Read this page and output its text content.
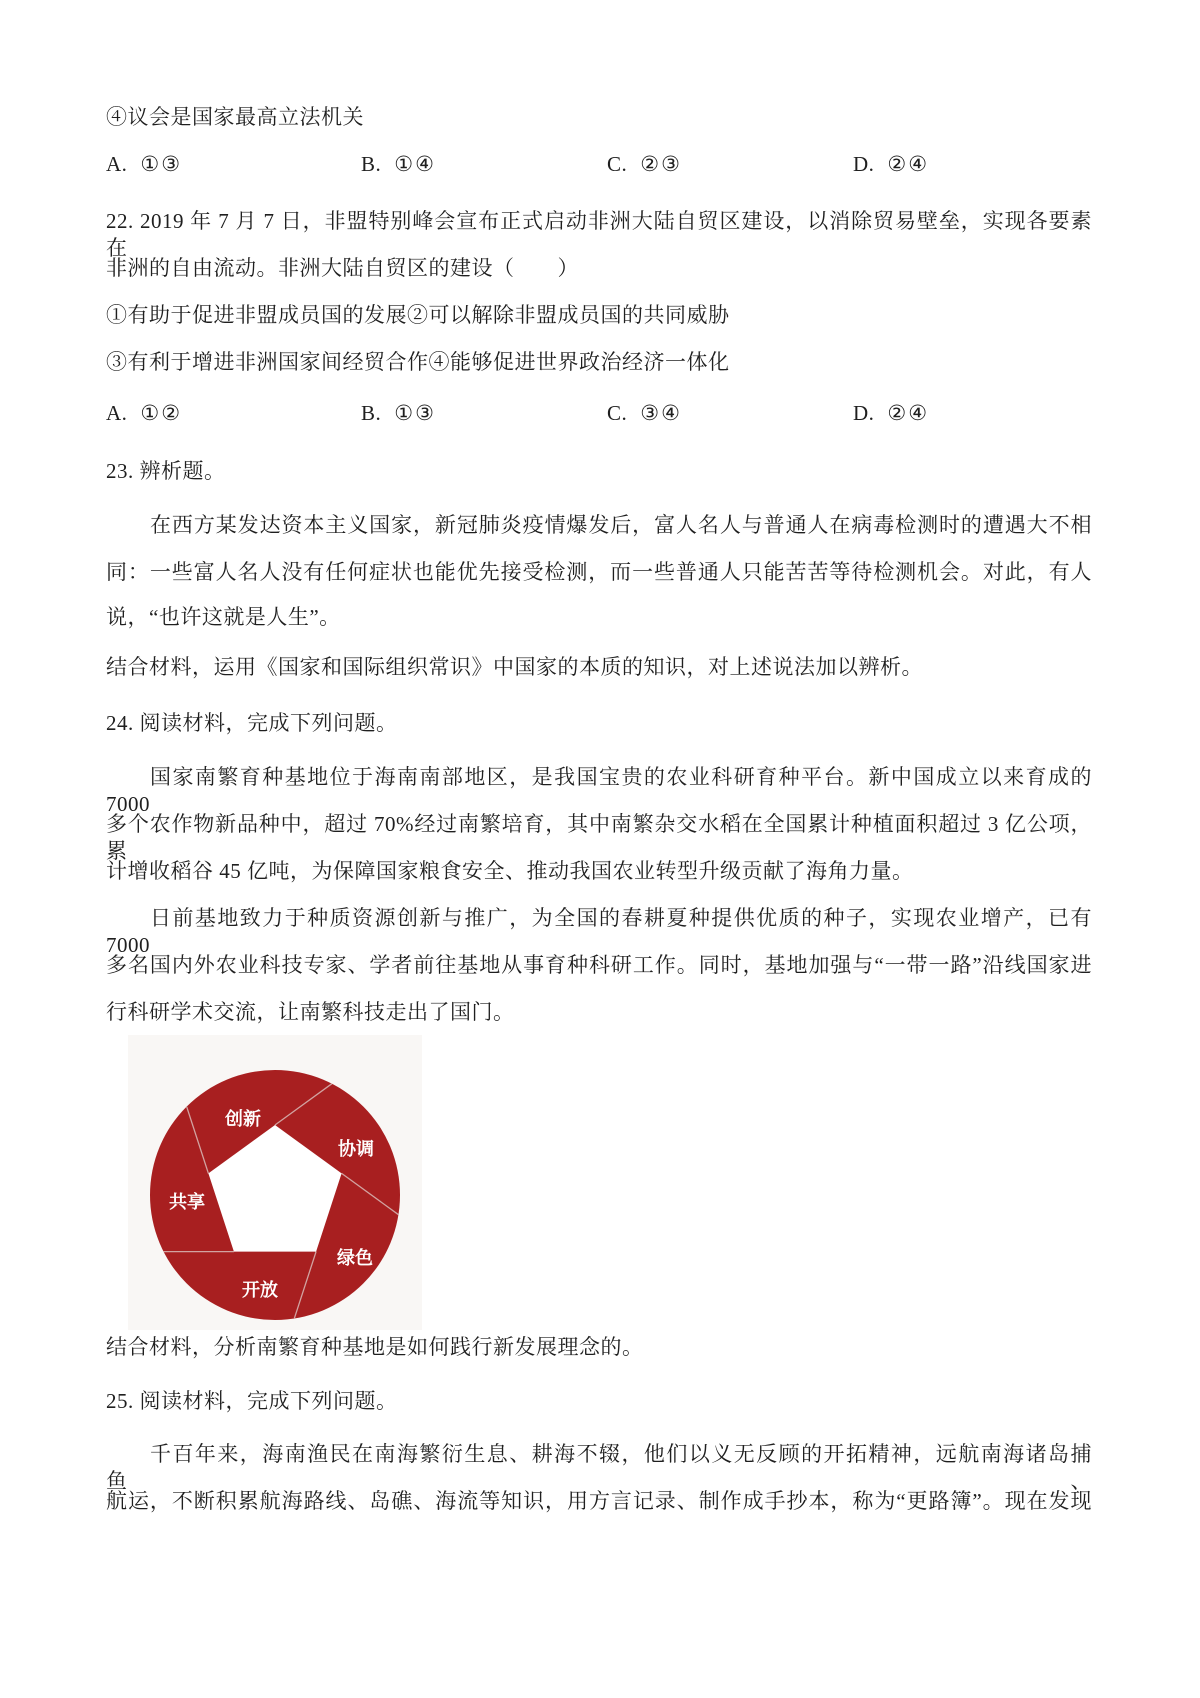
④议会是国家最高立法机关
A. ①③	B. ①④	C. ②③	D. ②④
22. 2019 年 7 月 7 日，非盟特别峰会宣布正式启动非洲大陆自贸区建设，以消除贸易壁垒，实现各要素在
非洲的自由流动。非洲大陆自贸区的建设（　　）
①有助于促进非盟成员国的发展②可以解除非盟成员国的共同威胁
③有利于增进非洲国家间经贸合作④能够促进世界政治经济一体化
A. ①②	B. ①③	C. ③④	D. ②④
23. 辨析题。
在西方某发达资本主义国家，新冠肺炎疫情爆发后，富人名人与普通人在病毒检测时的遭遇大不相
同：一些富人名人没有任何症状也能优先接受检测，而一些普通人只能苦苦等待检测机会。对此，有人
说，“也许这就是人生”。
结合材料，运用《国家和国际组织常识》中国家的本质的知识，对上述说法加以辨析。
24. 阅读材料，完成下列问题。
国家南繁育种基地位于海南南部地区，是我国宝贵的农业科研育种平台。新中国成立以来育成的 7000
多个农作物新品种中，超过 70%经过南繁培育，其中南繁杂交水稻在全国累计种植面积超过 3 亿公项，累
计增收稻谷 45 亿吨，为保障国家粮食安全、推动我国农业转型升级贡献了海角力量。
日前基地致力于种质资源创新与推广，为全国的春耕夏种提供优质的种子，实现农业增产，已有 7000
多名国内外农业科技专家、学者前往基地从事育种科研工作。同时，基地加强与“一带一路”沿线国家进
行科研学术交流，让南繁科技走出了国门。
创新
协调
绿色
开放
共享
结合材料，分析南繁育种基地是如何践行新发展理念的。
25. 阅读材料，完成下列问题。
千百年来，海南渔民在南海繁衍生息、耕海不辍，他们以义无反顾的开拓精神，远航南海诸岛捕鱼、
航运，不断积累航海路线、岛礁、海流等知识，用方言记录、制作成手抄本，称为“更路簿”。现在发现
